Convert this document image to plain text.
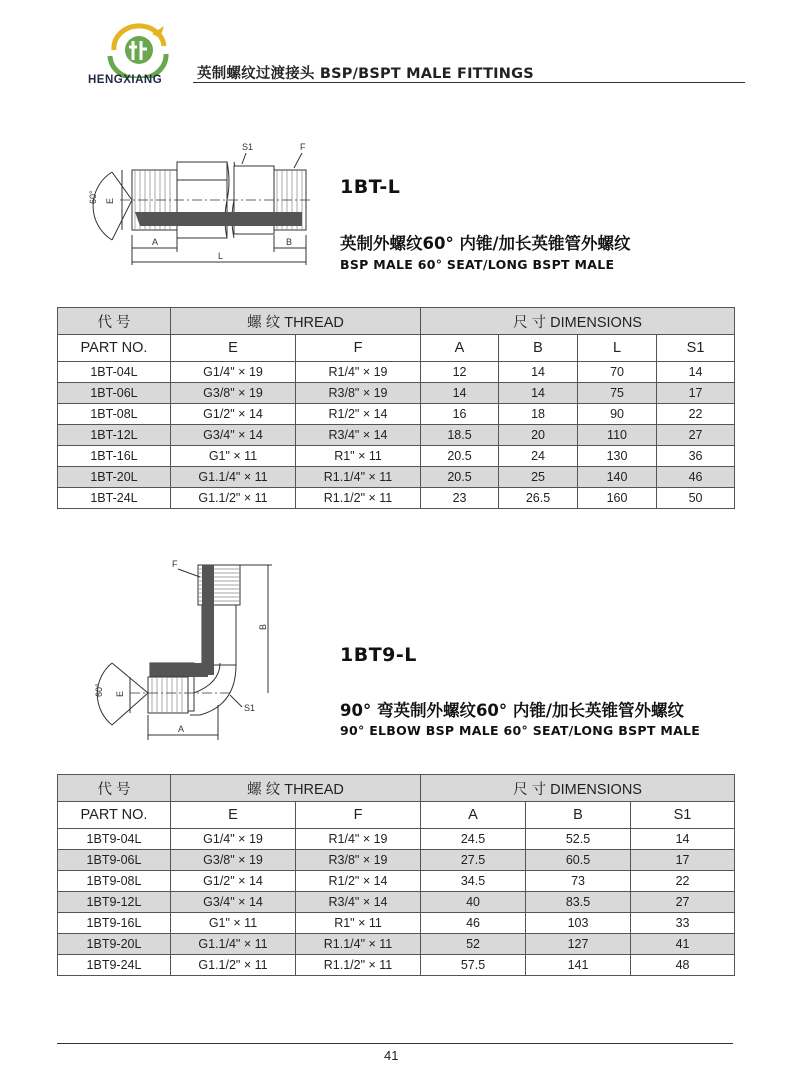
HENGXIANG 英制螺纹过渡接头 BSP/BSPT MALE FITTINGS
60° E
A	B
L
S1	F
1BT-L
英制外螺纹60° 内锥/加长英锥管外螺纹
BSP MALE 60° SEAT/LONG BSPT MALE
代 号	螺 纹 THREAD		尺 寸 DIMENSIONS			
PART NO.	E	F	A	B	L	S1
1BT-04L	G1/4" × 19	R1/4" × 19	12	14	70	14
1BT-06L	G3/8" × 19	R3/8" × 19	14	14	75	17
1BT-08L	G1/2" × 14	R1/2" × 14	16	18	90	22
1BT-12L	G3/4" × 14	R3/4" × 14	18.5	20	110	27
1BT-16L	G1" × 11	R1" × 11	20.5	24	130	36
1BT-20L	G1.1/4" × 11	R1.1/4" × 11	20.5	25	140	46
1BT-24L	G1.1/2" × 11	R1.1/2" × 11	23	26.5	160	50
60° E
B
A
F
S1
1BT9-L
90° 弯英制外螺纹60° 内锥/加长英锥管外螺纹
90° ELBOW BSP MALE 60° SEAT/LONG BSPT MALE
代 号	螺 纹 THREAD		尺 寸 DIMENSIONS		
PART NO.	E	F	A	B	S1
1BT9-04L	G1/4" × 19	R1/4" × 19	24.5	52.5	14
1BT9-06L	G3/8" × 19	R3/8" × 19	27.5	60.5	17
1BT9-08L	G1/2" × 14	R1/2" × 14	34.5	73	22
1BT9-12L	G3/4" × 14	R3/4" × 14	40	83.5	27
1BT9-16L	G1" × 11	R1" × 11	46	103	33
1BT9-20L	G1.1/4" × 11	R1.1/4" × 11	52	127	41
1BT9-24L	G1.1/2" × 11	R1.1/2" × 11	57.5	141	48
41
